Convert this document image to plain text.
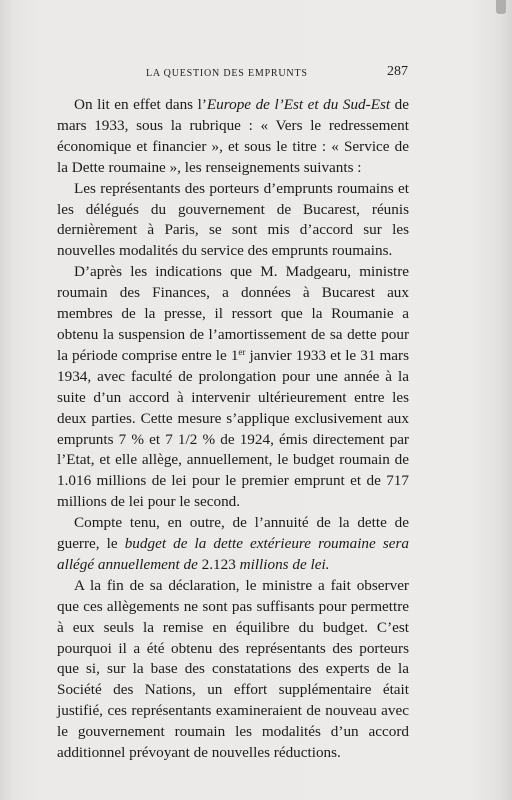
LA QUESTION DES EMPRUNTS	287

On lit en effet dans l’Europe de l’Est et du Sud-Est de mars 1933, sous la rubrique : « Vers le redressement économique et financier », et sous le titre : « Service de la Dette roumaine », les renseignements suivants :

Les représentants des porteurs d’emprunts roumains et les délégués du gouvernement de Bucarest, réunis dernièrement à Paris, se sont mis d’accord sur les nouvelles modalités du service des emprunts roumains.

D’après les indications que M. Madgearu, ministre roumain des Finances, a données à Bucarest aux membres de la presse, il ressort que la Roumanie a obtenu la suspension de l’amortissement de sa dette pour la période comprise entre le 1er janvier 1933 et le 31 mars 1934, avec faculté de prolongation pour une année à la suite d’un accord à intervenir ultérieurement entre les deux parties. Cette mesure s’applique exclusivement aux emprunts 7 % et 7 1/2 % de 1924, émis directement par l’Etat, et elle allège, annuellement, le budget roumain de 1.016 millions de lei pour le premier emprunt et de 717 millions de lei pour le second.

Compte tenu, en outre, de l’annuité de la dette de guerre, le budget de la dette extérieure roumaine sera allégé annuellement de 2.123 millions de lei.

A la fin de sa déclaration, le ministre a fait observer que ces allègements ne sont pas suffisants pour permettre à eux seuls la remise en équilibre du budget. C’est pourquoi il a été obtenu des représentants des porteurs que si, sur la base des constatations des experts de la Société des Nations, un effort supplémentaire était justifié, ces représentants examineraient de nouveau avec le gouvernement roumain les modalités d’un accord additionnel prévoyant de nouvelles réductions.
